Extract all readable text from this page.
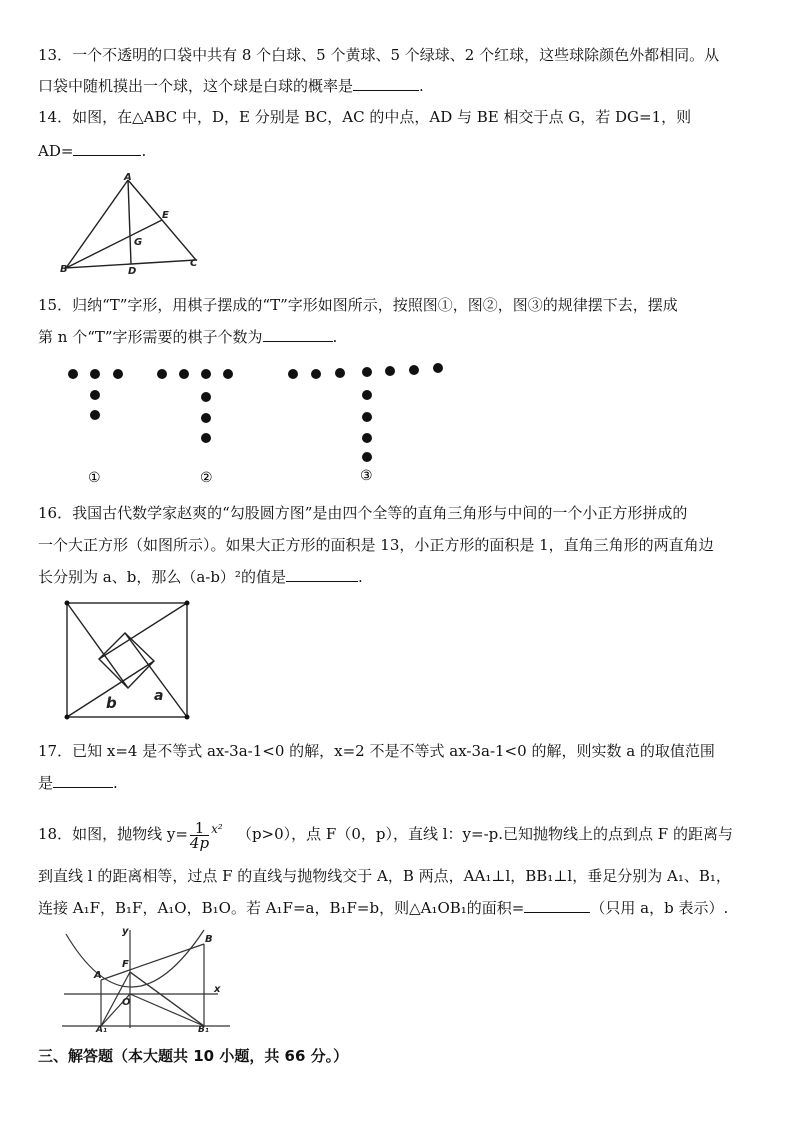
13．一个不透明的口袋中共有 8 个白球、5 个黄球、5 个绿球、2 个红球，这些球除颜色外都相同。从
口袋中随机摸出一个球，这个球是白球的概率是	.
14．如图，在△ABC 中，D，E 分别是 BC，AC 的中点，AD 与 BE 相交于点 G，若 DG=1，则
AD=	.
A
B
C
D
E
G
15．归纳“T”字形，用棋子摆成的“T”字形如图所示，按照图①，图②，图③的规律摆下去，摆成
第 n 个“T”字形需要的棋子个数为	.
①	②	③
16．我国古代数学家赵爽的“勾股圆方图”是由四个全等的直角三角形与中间的一个小正方形拼成的
一个大正方形（如图所示）。如果大正方形的面积是 13，小正方形的面积是 1，直角三角形的两直角边
长分别为 a、b，那么（a-b）²的值是	.
b	a
17．已知 x=4 是不等式 ax-3a-1<0 的解，x=2 不是不等式 ax-3a-1<0 的解，则实数 a 的取值范围
是	.
18．如图，抛物线 $y= \frac{1}{4p} ^{x^2}$ （p>0），点 F（0，p），直线 l：y=-p.已知抛物线上的点到点 F 的距离与
到直线 l 的距离相等，过点 F 的直线与抛物线交于 A，B 两点，AA₁⊥l，BB₁⊥l，垂足分别为 A₁、B₁，
连接 A₁F，B₁F，A₁O，B₁O。若 A₁F=a，B₁F=b，则△A₁OB₁的面积=	（只用 a，b 表示）.
y
x
A
B
F
O
A₁	B₁
三、解答题（本大题共 10 小题，共 66 分。）
